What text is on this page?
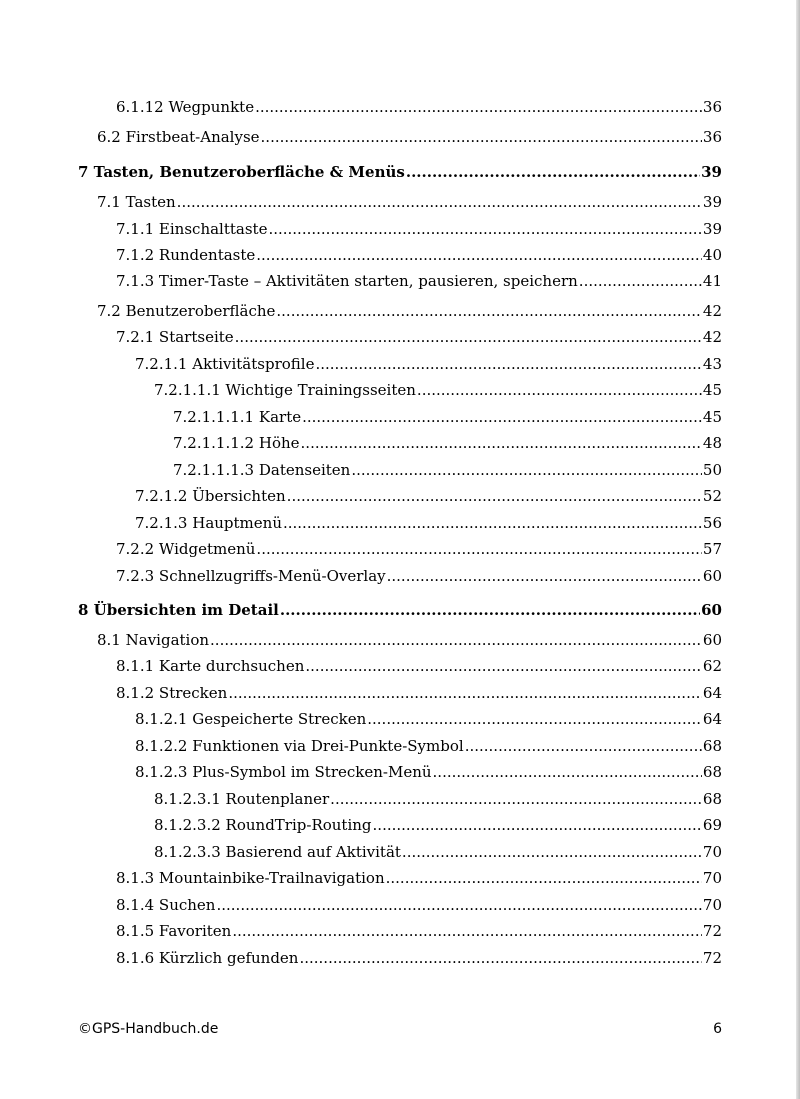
6.1.12 Wegpunkte .....	36
6.2 Firstbeat-Analyse .....	36
7 Tasten, Benutzeroberfläche & Menüs .....	39
7.1 Tasten .....	39
7.1.1 Einschalttaste .....	39
7.1.2 Rundentaste .....	40
7.1.3 Timer-Taste – Aktivitäten starten, pausieren, speichern .....	41
7.2 Benutzeroberfläche .....	42
7.2.1 Startseite .....	42
7.2.1.1 Aktivitätsprofile .....	43
7.2.1.1.1 Wichtige Trainingsseiten .....	45
7.2.1.1.1.1 Karte .....	45
7.2.1.1.1.2 Höhe .....	48
7.2.1.1.1.3 Datenseiten .....	50
7.2.1.2 Übersichten .....	52
7.2.1.3 Hauptmenü .....	56
7.2.2 Widgetmenü .....	57
7.2.3 Schnellzugriffs-Menü-Overlay .....	60
8 Übersichten im Detail .....	60
8.1 Navigation .....	60
8.1.1 Karte durchsuchen .....	62
8.1.2 Strecken .....	64
8.1.2.1 Gespeicherte Strecken .....	64
8.1.2.2 Funktionen via Drei-Punkte-Symbol .....	68
8.1.2.3 Plus-Symbol im Strecken-Menü .....	68
8.1.2.3.1 Routenplaner .....	68
8.1.2.3.2 RoundTrip-Routing .....	69
8.1.2.3.3 Basierend auf Aktivität .....	70
8.1.3 Mountainbike-Trailnavigation .....	70
8.1.4 Suchen .....	70
8.1.5 Favoriten .....	72
8.1.6 Kürzlich gefunden .....	72
©GPS-Handbuch.de	6
